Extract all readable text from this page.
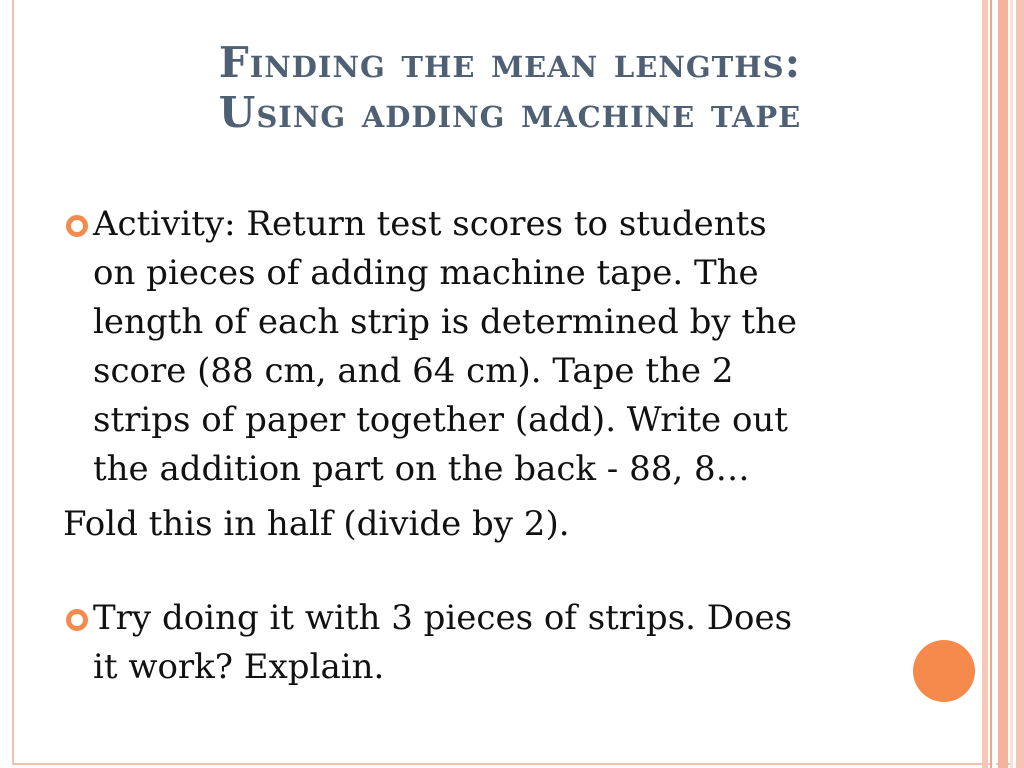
Finding the mean lengths:
Using adding machine tape
Activity: Return test scores to students
on pieces of adding machine tape. The
length of each strip is determined by the
score (88 cm, and 64 cm). Tape the 2
strips of paper together (add). Write out
the addition part on the back - 88, 8…
Fold this in half (divide by 2).
Try doing it with 3 pieces of strips. Does
it work? Explain.
